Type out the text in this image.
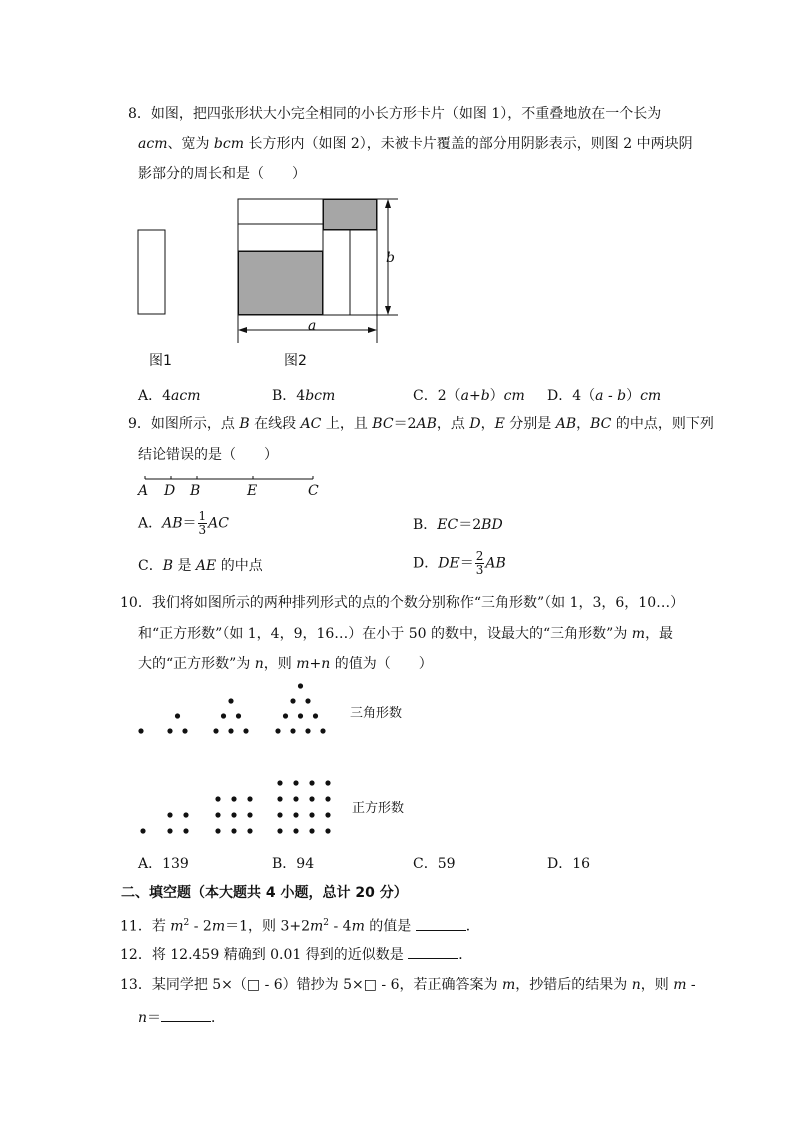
8．如图，把四张形状大小完全相同的小长方形卡片（如图 1），不重叠地放在一个长为
acm、宽为 bcm 长方形内（如图 2），未被卡片覆盖的部分用阴影表示，则图 2 中两块阴
影部分的周长和是（　　）
图1
b
a
图2
A．4acm	B．4bcm	C．2（a+b）cm D．4（a - b）cm
9．如图所示，点 B 在线段 AC 上，且 BC＝2AB，点 D，E 分别是 AB，BC 的中点，则下列
结论错误的是（　　）
A D B	E	C
A．$AB= \frac{1}{3}$ AC	B．EC＝2BD
C．B 是 AE 的中点	D．$DE= \frac{2}{3}$ AB
10．我们将如图所示的两种排列形式的点的个数分别称作“三角形数”（如 1，3，6，10…）
和“正方形数”（如 1，4，9，16…）在小于 50 的数中，设最大的“三角形数”为 m，最
大的“正方形数”为 n，则 m+n 的值为（　　）
三角形数
正方形数
A．139	B．94	C．59	D．16
二、填空题（本大题共 4 小题，总计 20 分）
11．若 $m^2 - 2m=1$，则 $3+2m^2 - 4m$ 的值是	．
12．将 12.459 精确到 0.01 得到的近似数是	．
13．某同学把 5×（□ - 6）错抄为 5×□ - 6，若正确答案为 m，抄错后的结果为 n，则 m -
n＝	．
